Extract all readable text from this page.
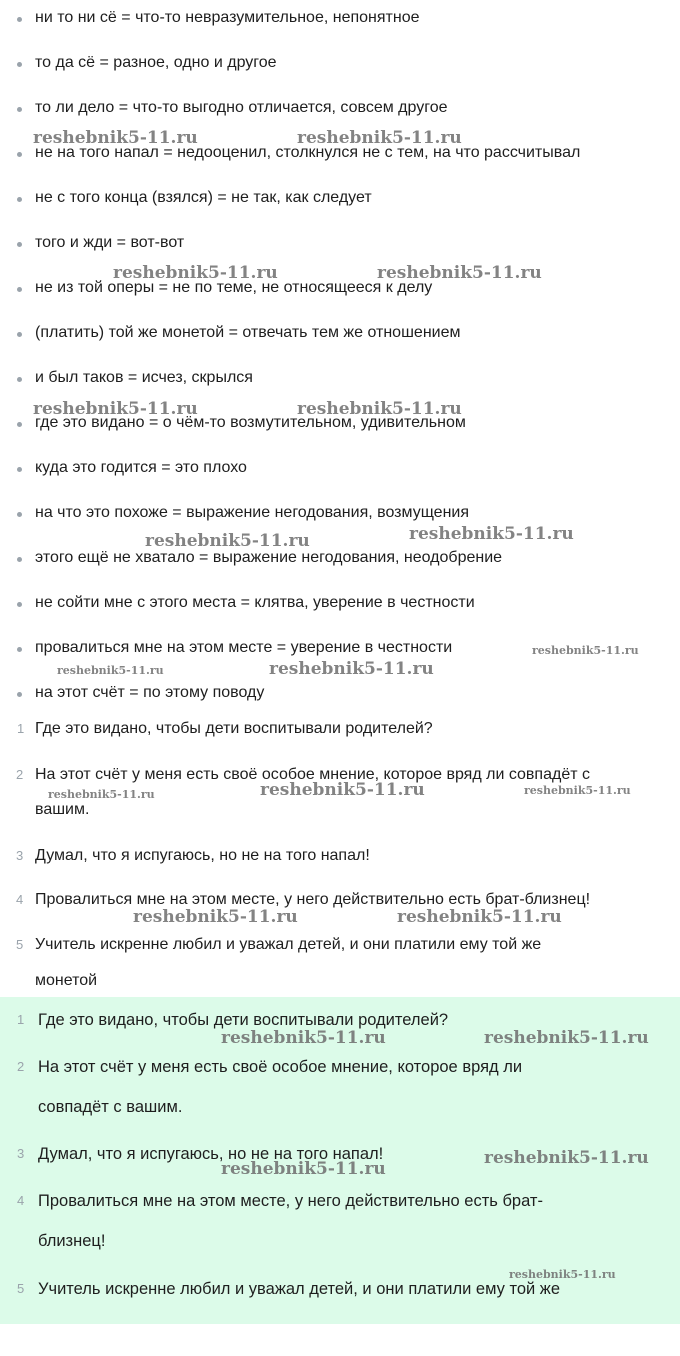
ни то ни сё = что-то невразумительное, непонятное
то да сё = разное, одно и другое
то ли дело = что-то выгодно отличается, совсем другое
не на того напал = недооценил, столкнулся не с тем, на что рассчитывал
не с того конца (взялся) = не так, как следует
того и жди = вот-вот
не из той оперы = не по теме, не относящееся к делу
(платить) той же монетой = отвечать тем же отношением
и был таков = исчез, скрылся
где это видано = о чём-то возмутительном, удивительном
куда это годится = это плохо
на что это похоже = выражение негодования, возмущения
этого ещё не хватало = выражение негодования, неодобрение
не сойти мне с этого места = клятва, уверение в честности
провалиться мне на этом месте = уверение в честности
на этот счёт = по этому поводу
1 Где это видано, чтобы дети воспитывали родителей?
2 На этот счёт у меня есть своё особое мнение, которое вряд ли совпадёт с
вашим.
3 Думал, что я испугаюсь, но не на того напал!
4 Провалиться мне на этом месте, у него действительно есть брат-близнец!
5 Учитель искренне любил и уважал детей, и они платили ему той же
монетой
1 Где это видано, чтобы дети воспитывали родителей?
2 На этот счёт у меня есть своё особое мнение, которое вряд ли
совпадёт с вашим.
3 Думал, что я испугаюсь, но не на того напал!
4 Провалиться мне на этом месте, у него действительно есть брат-
близнец!
5 Учитель искренне любил и уважал детей, и они платили ему той же
reshebnik5-11.ru	reshebnik5-11.ru
reshebnik5-11.ru	reshebnik5-11.ru
reshebnik5-11.ru	reshebnik5-11.ru
reshebnik5-11.ru	reshebnik5-11.ru
reshebnik5-11.ru
reshebnik5-11.ru	reshebnik5-11.ru
reshebnik5-11.ru	reshebnik5-11.ru	reshebnik5-11.ru
reshebnik5-11.ru	reshebnik5-11.ru
reshebnik5-11.ru	reshebnik5-11.ru
reshebnik5-11.ru
reshebnik5-11.ru
reshebnik5-11.ru
